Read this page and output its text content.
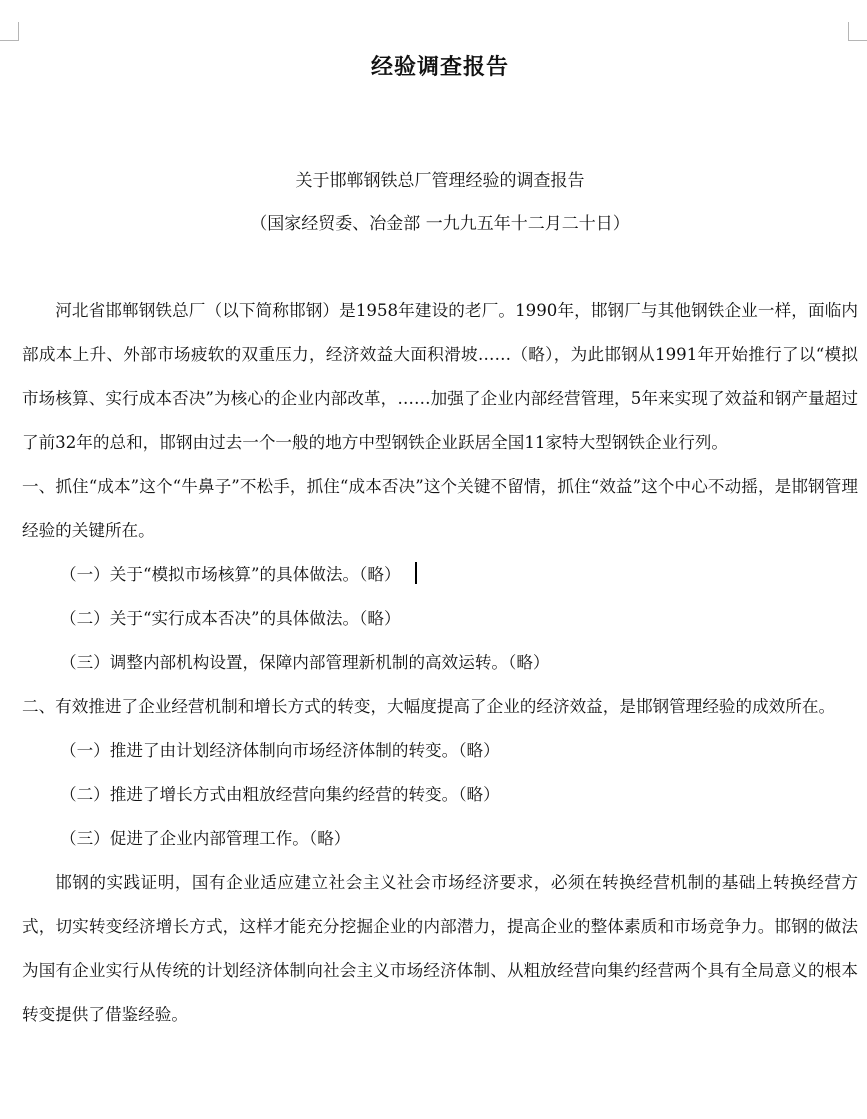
经验调查报告
关于邯郸钢铁总厂管理经验的调查报告
（国家经贸委、冶金部 一九九五年十二月二十日）

河北省邯郸钢铁总厂（以下简称邯钢）是1958年建设的老厂。1990年，邯钢厂与其他钢铁企业一样，面临内部成本上升、外部市场疲软的双重压力，经济效益大面积滑坡……（略），为此邯钢从1991年开始推行了以“模拟市场核算、实行成本否决”为核心的企业内部改革，……加强了企业内部经营管理，5年来实现了效益和钢产量超过了前32年的总和，邯钢由过去一个一般的地方中型钢铁企业跃居全国11家特大型钢铁企业行列。

一、抓住“成本”这个“牛鼻子”不松手，抓住“成本否决”这个关键不留情，抓住“效益”这个中心不动摇，是邯钢管理经验的关键所在。

（一）关于“模拟市场核算”的具体做法。（略）

（二）关于“实行成本否决”的具体做法。（略）

（三）调整内部机构设置，保障内部管理新机制的高效运转。（略）

二、有效推进了企业经营机制和增长方式的转变，大幅度提高了企业的经济效益，是邯钢管理经验的成效所在。

（一）推进了由计划经济体制向市场经济体制的转变。（略）

（二）推进了增长方式由粗放经营向集约经营的转变。（略）

（三）促进了企业内部管理工作。（略）

邯钢的实践证明，国有企业适应建立社会主义社会市场经济要求，必须在转换经营机制的基础上转换经营方式，切实转变经济增长方式，这样才能充分挖掘企业的内部潜力，提高企业的整体素质和市场竞争力。邯钢的做法为国有企业实行从传统的计划经济体制向社会主义市场经济体制、从粗放经营向集约经营两个具有全局意义的根本转变提供了借鉴经验。
